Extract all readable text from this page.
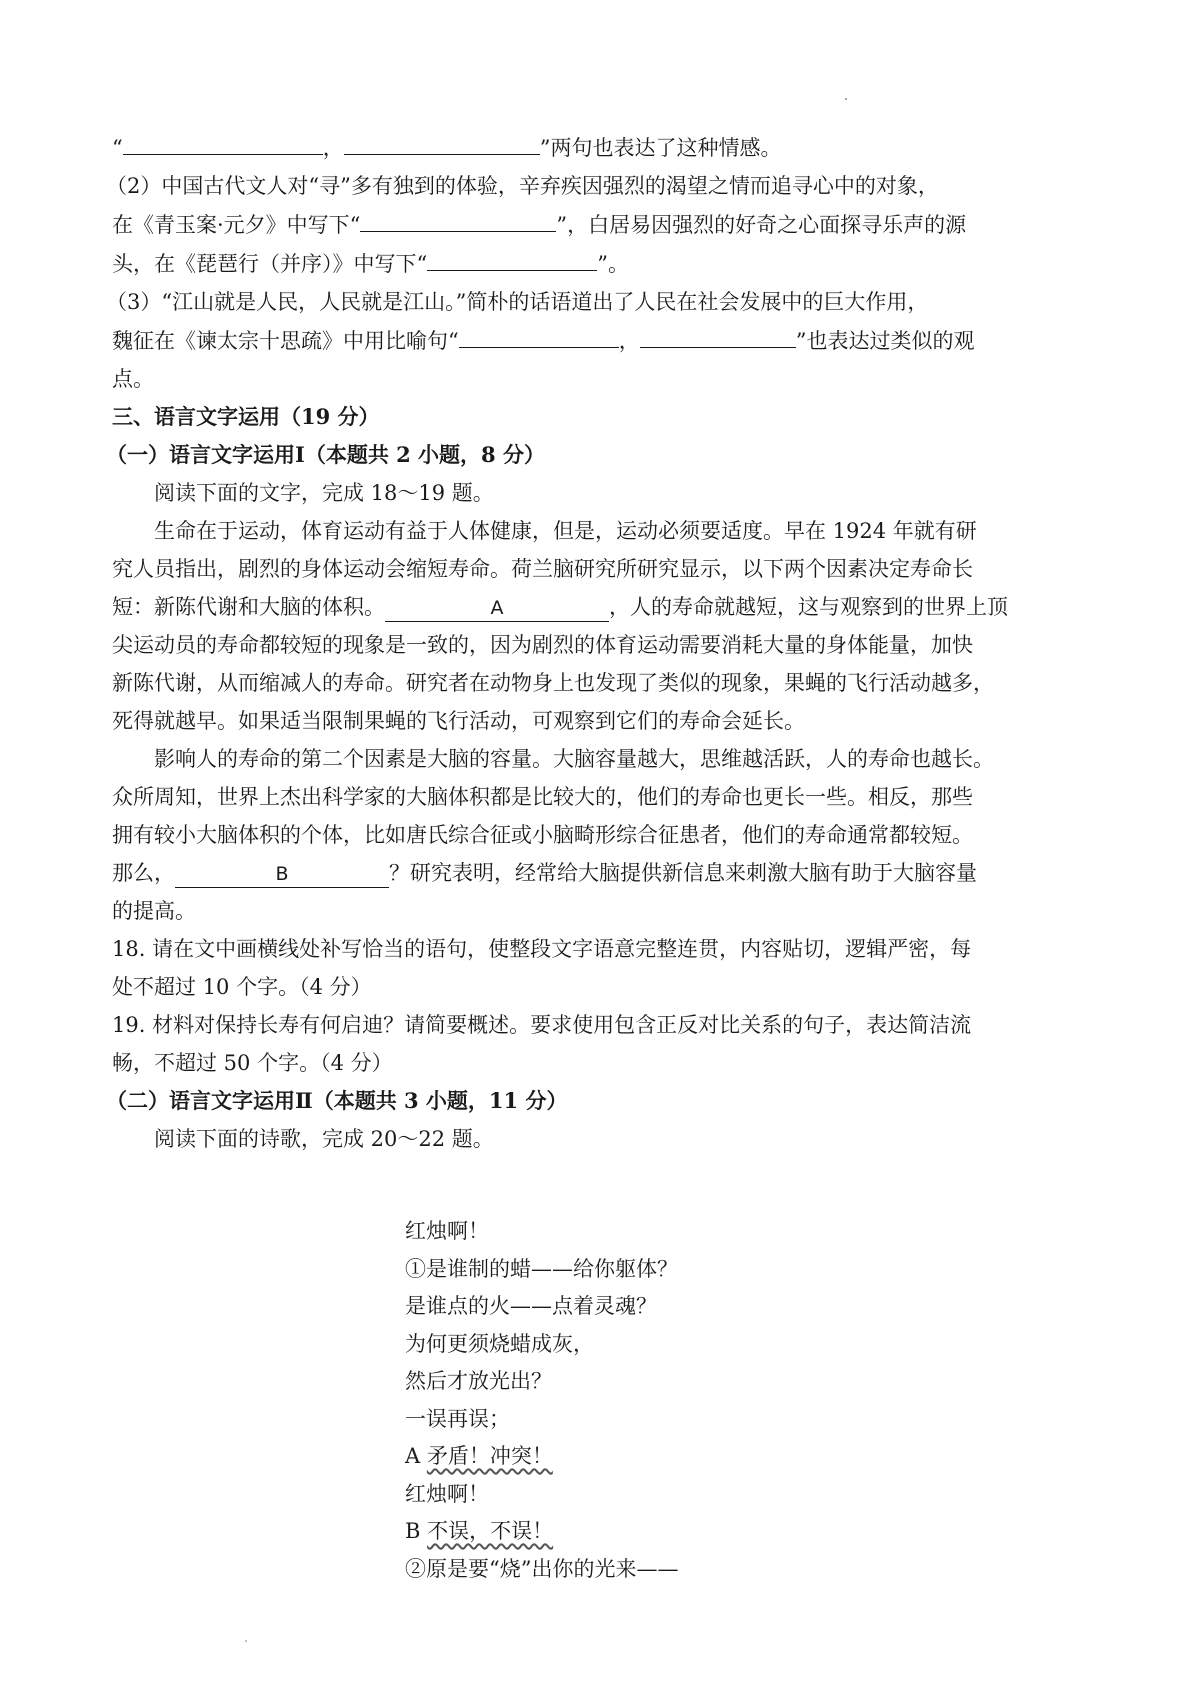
“	，	”两句也表达了这种情感。
（2）中国古代文人对“寻”多有独到的体验，辛弃疾因强烈的渴望之情而追寻心中的对象，
在《青玉案·元夕》中写下“	”，白居易因强烈的好奇之心面探寻乐声的源
头，在《琵琶行（并序）》中写下“	”。
（3）“江山就是人民，人民就是江山。”简朴的话语道出了人民在社会发展中的巨大作用，
魏征在《谏太宗十思疏》中用比喻句“	，	”也表达过类似的观
点。
三、语言文字运用（19 分）
（一）语言文字运用Ⅰ（本题共 2 小题，8 分）
阅读下面的文字，完成 18～19 题。
生命在于运动，体育运动有益于人体健康，但是，运动必须要适度。早在 1924 年就有研
究人员指出，剧烈的身体运动会缩短寿命。荷兰脑研究所研究显示，以下两个因素决定寿命长
短：新陈代谢和大脑的体积。	A	，人的寿命就越短，这与观察到的世界上顶
尖运动员的寿命都较短的现象是一致的，因为剧烈的体育运动需要消耗大量的身体能量，加快
新陈代谢，从而缩减人的寿命。研究者在动物身上也发现了类似的现象，果蝇的飞行活动越多，
死得就越早。如果适当限制果蝇的飞行活动，可观察到它们的寿命会延长。
影响人的寿命的第二个因素是大脑的容量。大脑容量越大，思维越活跃，人的寿命也越长。
众所周知，世界上杰出科学家的大脑体积都是比较大的，他们的寿命也更长一些。相反，那些
拥有较小大脑体积的个体，比如唐氏综合征或小脑畸形综合征患者，他们的寿命通常都较短。
那么，	B	？研究表明，经常给大脑提供新信息来刺激大脑有助于大脑容量
的提高。
18. 请在文中画横线处补写恰当的语句，使整段文字语意完整连贯，内容贴切，逻辑严密，每
处不超过 10 个字。（4 分）
19. 材料对保持长寿有何启迪？请简要概述。要求使用包含正反对比关系的句子，表达简洁流
畅，不超过 50 个字。（4 分）
（二）语言文字运用Ⅱ（本题共 3 小题，11 分）
阅读下面的诗歌，完成 20～22 题。
红烛啊！
①是谁制的蜡——给你躯体？
是谁点的火——点着灵魂？
为何更须烧蜡成灰，
然后才放光出？
一误再误；
A 矛盾！冲突！
红烛啊！
B 不误，不误！
②原是要“烧”出你的光来——
